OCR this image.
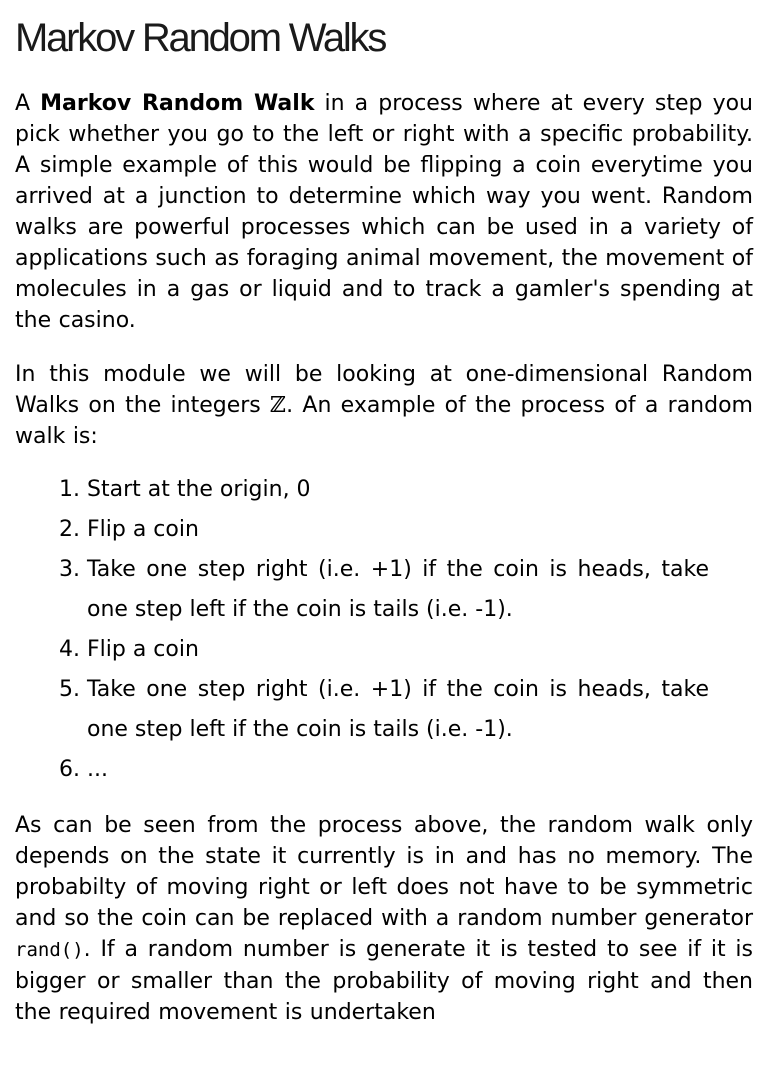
Markov Random Walks

A Markov Random Walk in a process where at every step you pick whether you go to the left or right with a specific probability. A simple example of this would be flipping a coin everytime you arrived at a junction to determine which way you went. Random walks are powerful processes which can be used in a variety of applications such as foraging animal movement, the movement of molecules in a gas or liquid and to track a gamler's spending at the casino.

In this module we will be looking at one-dimensional Random Walks on the integers ℤ. An example of the process of a random walk is:

1. Start at the origin, 0
2. Flip a coin
3. Take one step right (i.e. +1) if the coin is heads, take one step left if the coin is tails (i.e. -1).
4. Flip a coin
5. Take one step right (i.e. +1) if the coin is heads, take one step left if the coin is tails (i.e. -1).
6. ...

As can be seen from the process above, the random walk only depends on the state it currently is in and has no memory. The probabilty of moving right or left does not have to be symmetric and so the coin can be replaced with a random number generator rand(). If a random number is generate it is tested to see if it is bigger or smaller than the probability of moving right and then the required movement is undertaken
